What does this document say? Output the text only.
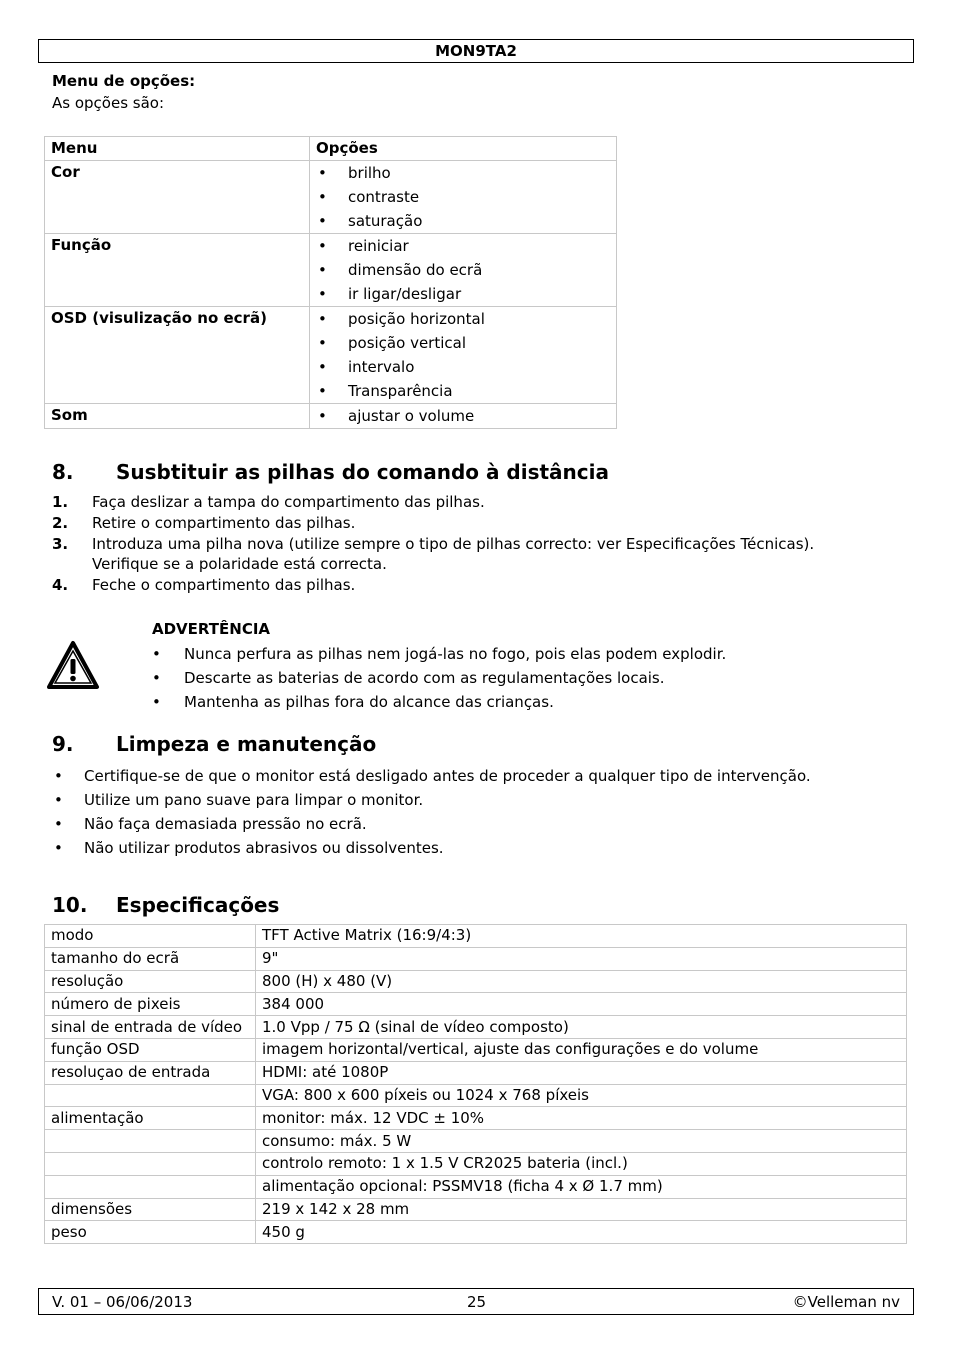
MON9TA2
Menu de opções:
As opções são:
Menu	Opções
Cor	• brilho
• contraste
• saturação

Função	• reiniciar
• dimensão do ecrã
• ir ligar/desligar

OSD (visulização no ecrã)	• posição horizontal
• posição vertical
• intervalo
• Transparência

Som	• ajustar o volume
8. Susbtituir as pilhas do comando à distância
1. Faça deslizar a tampa do compartimento das pilhas.
2. Retire o compartimento das pilhas.
3. Introduza uma pilha nova (utilize sempre o tipo de pilhas correcto: ver Especificações Técnicas). Verifique se a polaridade está correcta.
4. Feche o compartimento das pilhas.
ADVERTÊNCIA
• Nunca perfura as pilhas nem jogá-las no fogo, pois elas podem explodir.
• Descarte as baterias de acordo com as regulamentações locais.
• Mantenha as pilhas fora do alcance das crianças.
9. Limpeza e manutenção
• Certifique-se de que o monitor está desligado antes de proceder a qualquer tipo de intervenção.
• Utilize um pano suave para limpar o monitor.
• Não faça demasiada pressão no ecrã.
• Não utilizar produtos abrasivos ou dissolventes.
10. Especificações
modo	TFT Active Matrix (16:9/4:3)
tamanho do ecrã	9"
resolução	800 (H) x 480 (V)
número de pixeis	384 000
sinal de entrada de vídeo	1.0 Vpp / 75 Ω (sinal de vídeo composto)
função OSD	imagem horizontal/vertical, ajuste das configurações e do volume
resoluçao de entrada	HDMI: até 1080P
	VGA: 800 x 600 píxeis ou 1024 x 768 píxeis
alimentação	monitor: máx. 12 VDC ± 10%
	consumo: máx. 5 W
	controlo remoto: 1 x 1.5 V CR2025 bateria (incl.)
	alimentação opcional: PSSMV18 (ficha 4 x Ø 1.7 mm)
dimensões	219 x 142 x 28 mm
peso	450 g
V. 01 – 06/06/2013	25	©Velleman nv
